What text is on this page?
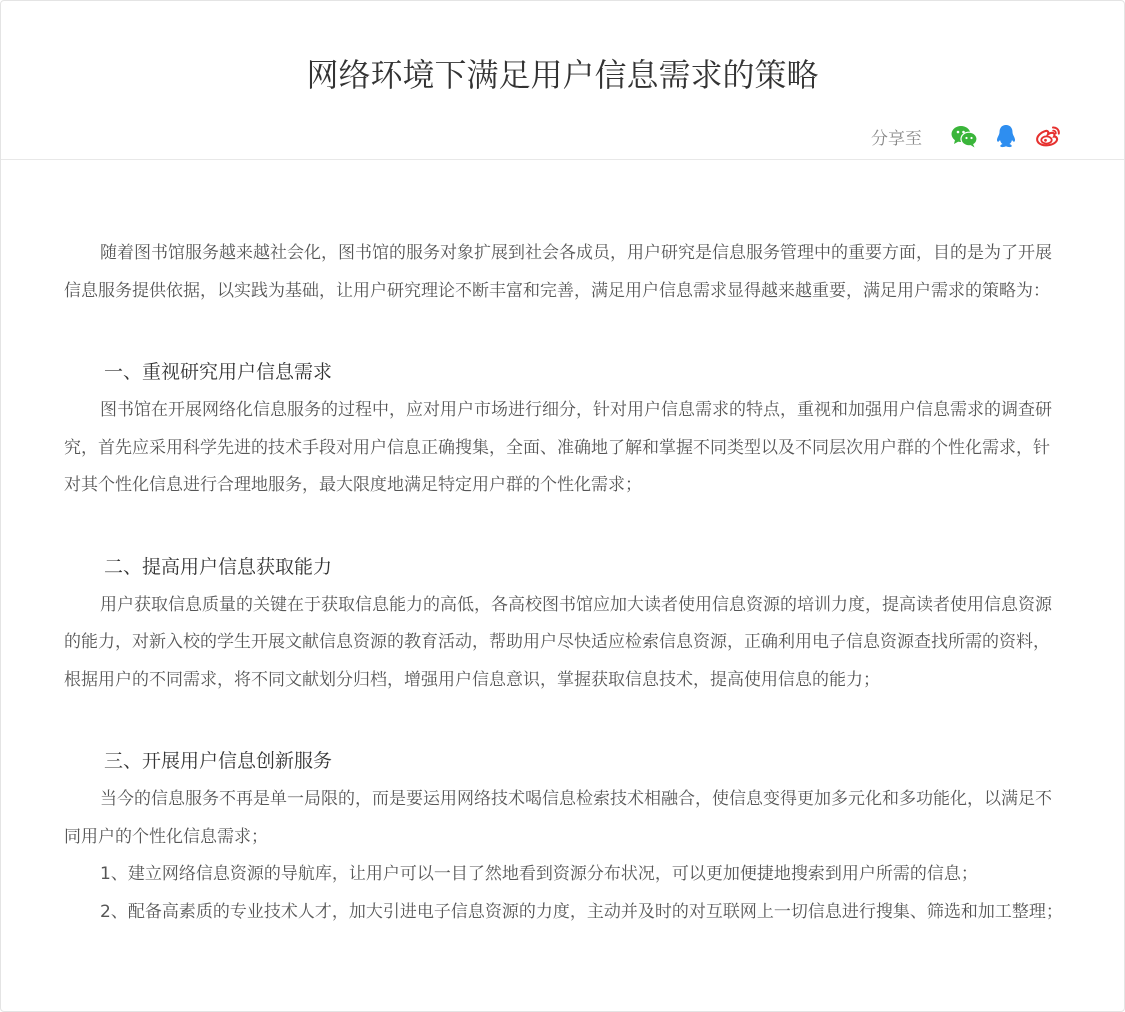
网络环境下满足用户信息需求的策略
分享至

随着图书馆服务越来越社会化，图书馆的服务对象扩展到社会各成员，用户研究是信息服务管理中的重要方面，目的是为了开展信息服务提供依据，以实践为基础，让用户研究理论不断丰富和完善，满足用户信息需求显得越来越重要，满足用户需求的策略为：

一、重视研究用户信息需求

图书馆在开展网络化信息服务的过程中，应对用户市场进行细分，针对用户信息需求的特点，重视和加强用户信息需求的调查研究，首先应采用科学先进的技术手段对用户信息正确搜集，全面、准确地了解和掌握不同类型以及不同层次用户群的个性化需求，针对其个性化信息进行合理地服务，最大限度地满足特定用户群的个性化需求；

二、提高用户信息获取能力

用户获取信息质量的关键在于获取信息能力的高低，各高校图书馆应加大读者使用信息资源的培训力度，提高读者使用信息资源的能力，对新入校的学生开展文献信息资源的教育活动，帮助用户尽快适应检索信息资源，正确利用电子信息资源查找所需的资料，根据用户的不同需求，将不同文献划分归档，增强用户信息意识，掌握获取信息技术，提高使用信息的能力；

三、开展用户信息创新服务

当今的信息服务不再是单一局限的，而是要运用网络技术喝信息检索技术相融合，使信息变得更加多元化和多功能化，以满足不同用户的个性化信息需求；

1、建立网络信息资源的导航库，让用户可以一目了然地看到资源分布状况，可以更加便捷地搜索到用户所需的信息；

2、配备高素质的专业技术人才，加大引进电子信息资源的力度，主动并及时的对互联网上一切信息进行搜集、筛选和加工整理；
